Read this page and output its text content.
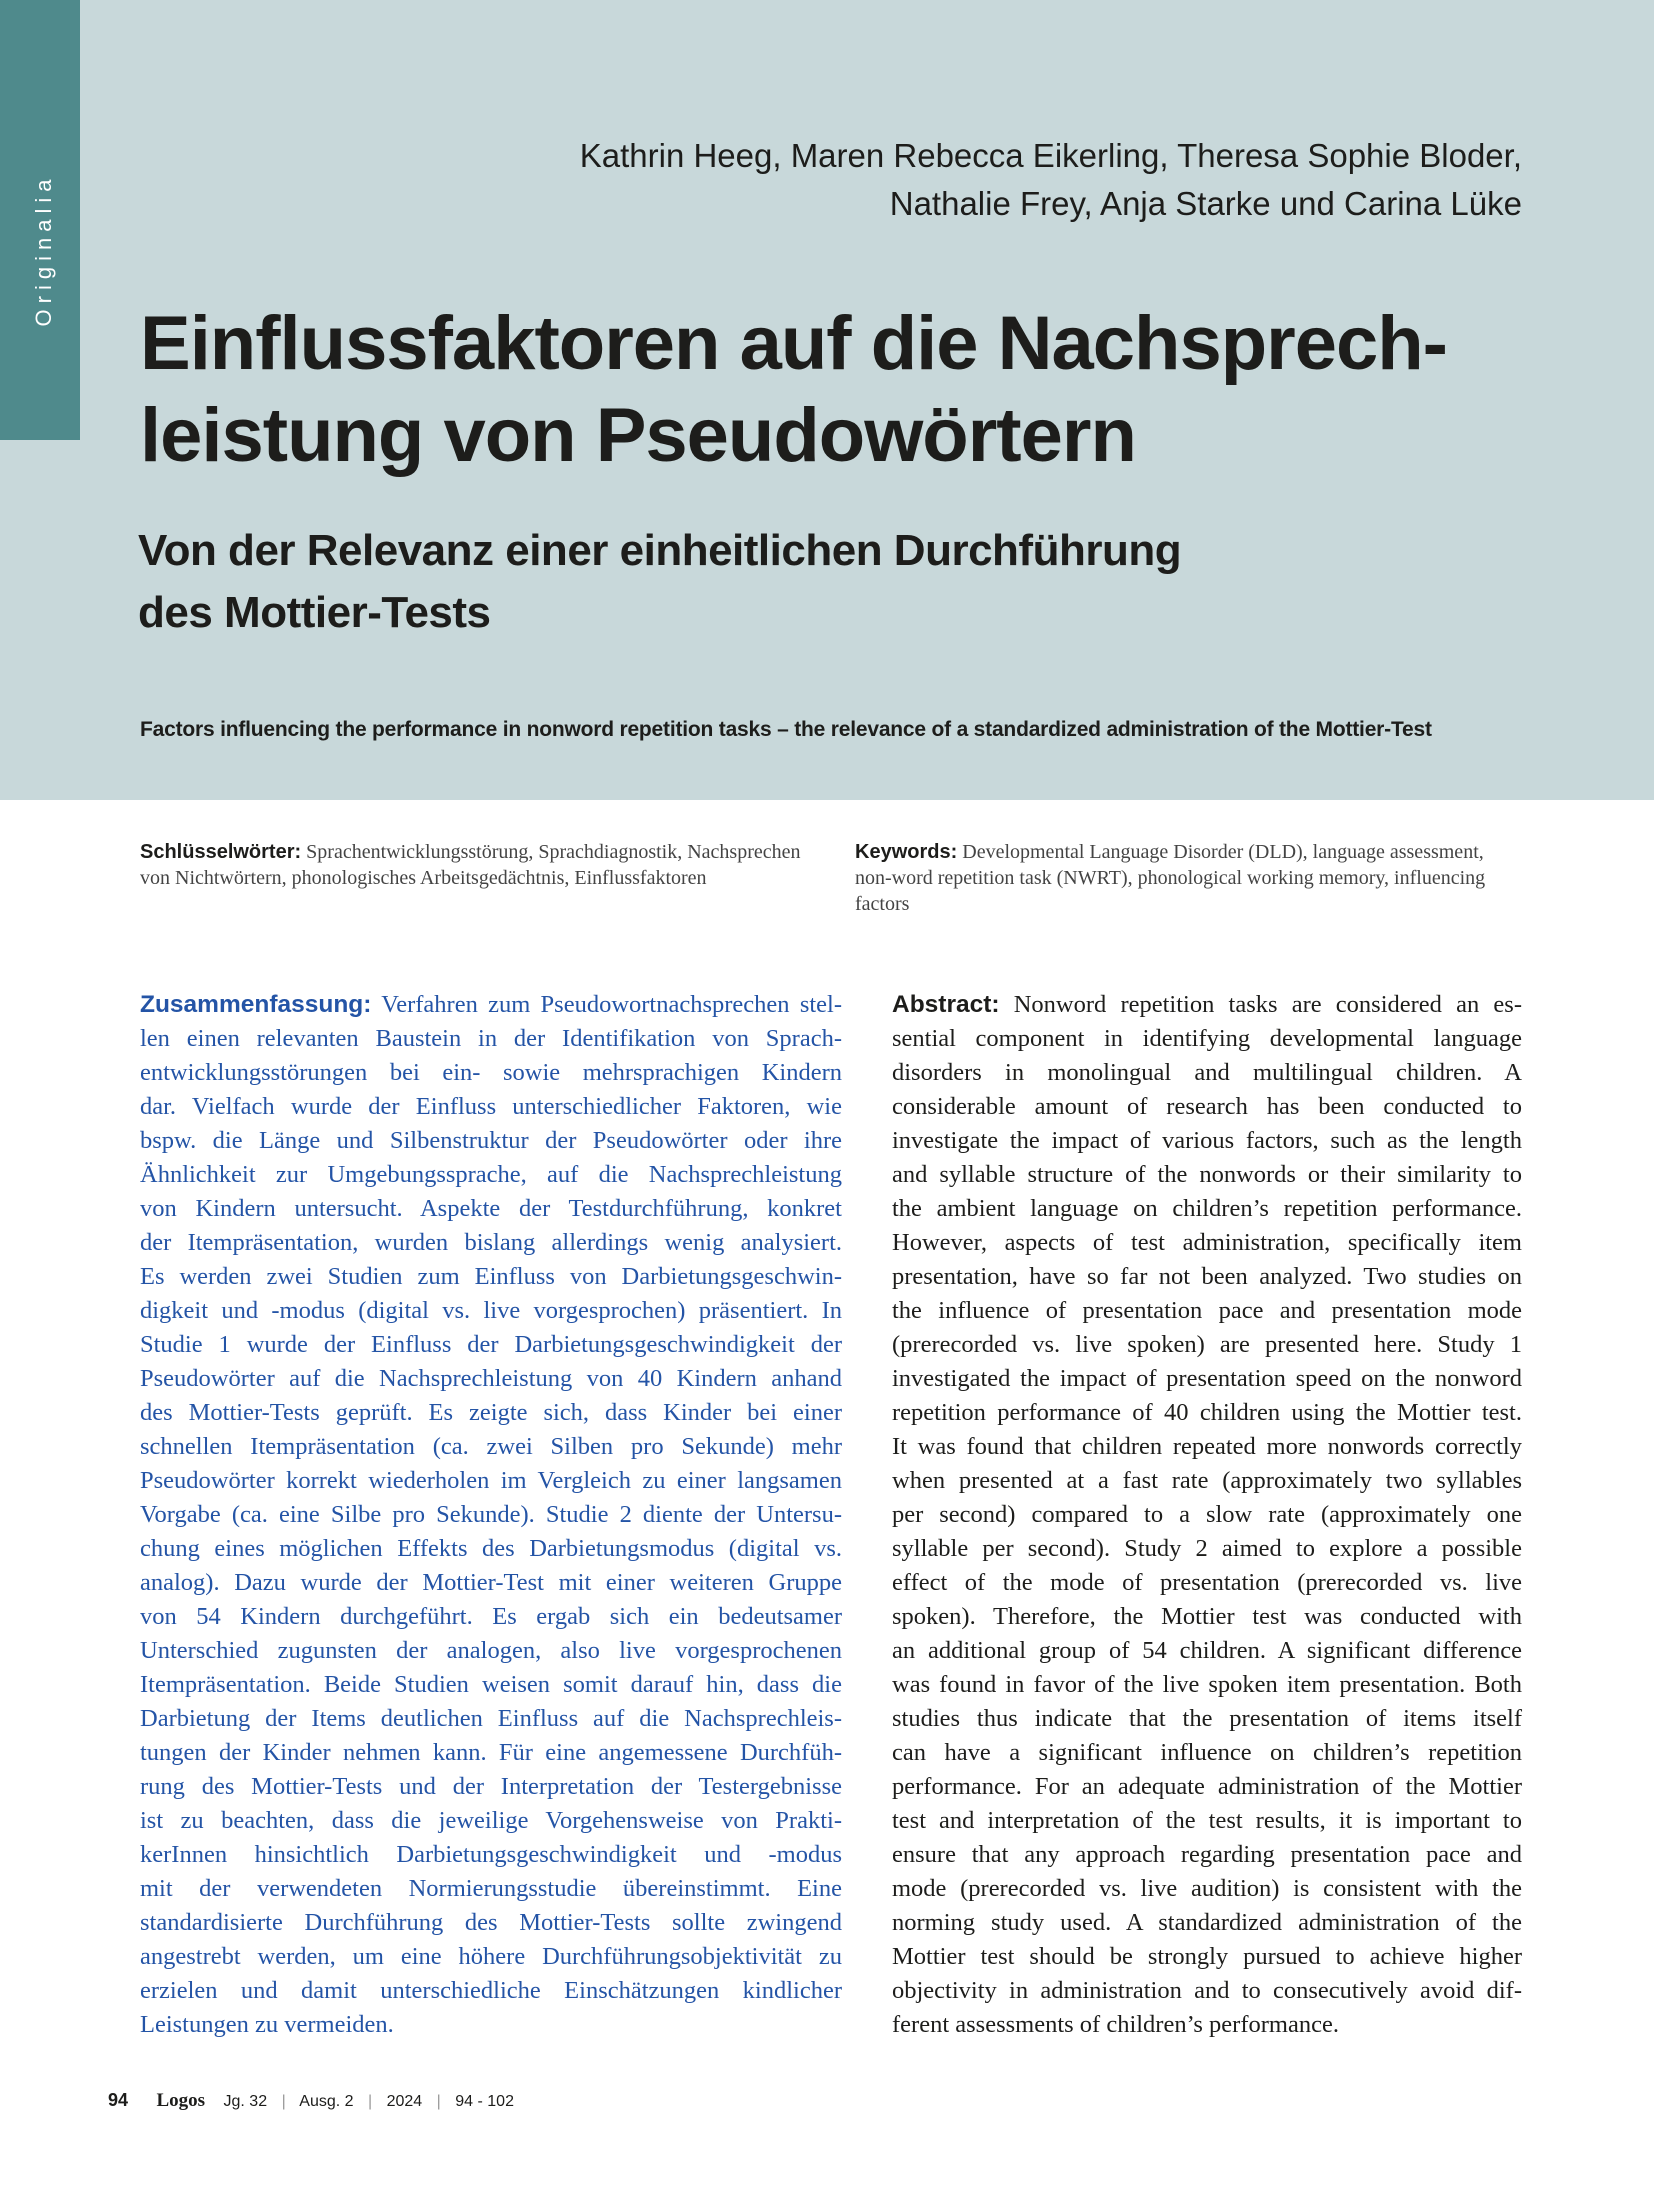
Originalia
Kathrin Heeg, Maren Rebecca Eikerling, Theresa Sophie Bloder,
Nathalie Frey, Anja Starke und Carina Lüke
Einflussfaktoren auf die Nachsprech-
leistung von Pseudowörtern
Von der Relevanz einer einheitlichen Durchführung
des Mottier-Tests
Factors influencing the performance in nonword repetition tasks – the relevance of a standardized administration of the Mottier-Test
Schlüsselwörter: Sprachentwicklungsstörung, Sprachdiagnostik, Nachsprechen von Nichtwörtern, phonologisches Arbeitsgedächtnis, Einflussfaktoren
Keywords: Developmental Language Disorder (DLD), language assessment, non-word repetition task (NWRT), phonological working memory, influencing factors
Zusammenfassung: Verfahren zum Pseudowortnachsprechen stel-
len einen relevanten Baustein in der Identifikation von Sprach-
entwicklungsstörungen bei ein- sowie mehrsprachigen Kindern
dar. Vielfach wurde der Einfluss unterschiedlicher Faktoren, wie
bspw. die Länge und Silbenstruktur der Pseudowörter oder ihre
Ähnlichkeit zur Umgebungssprache, auf die Nachsprechleistung
von Kindern untersucht. Aspekte der Testdurchführung, konkret
der Itempräsentation, wurden bislang allerdings wenig analysiert.
Es werden zwei Studien zum Einfluss von Darbietungsgeschwin-
digkeit und -modus (digital vs. live vorgesprochen) präsentiert. In
Studie 1 wurde der Einfluss der Darbietungsgeschwindigkeit der
Pseudowörter auf die Nachsprechleistung von 40 Kindern anhand
des Mottier-Tests geprüft. Es zeigte sich, dass Kinder bei einer
schnellen Itempräsentation (ca. zwei Silben pro Sekunde) mehr
Pseudowörter korrekt wiederholen im Vergleich zu einer langsamen
Vorgabe (ca. eine Silbe pro Sekunde). Studie 2 diente der Untersu-
chung eines möglichen Effekts des Darbietungsmodus (digital vs.
analog). Dazu wurde der Mottier-Test mit einer weiteren Gruppe
von 54 Kindern durchgeführt. Es ergab sich ein bedeutsamer
Unterschied zugunsten der analogen, also live vorgesprochenen
Itempräsentation. Beide Studien weisen somit darauf hin, dass die
Darbietung der Items deutlichen Einfluss auf die Nachsprechleis-
tungen der Kinder nehmen kann. Für eine angemessene Durchfüh-
rung des Mottier-Tests und der Interpretation der Testergebnisse
ist zu beachten, dass die jeweilige Vorgehensweise von Prakti-
kerInnen hinsichtlich Darbietungsgeschwindigkeit und -modus
mit der verwendeten Normierungsstudie übereinstimmt. Eine
standardisierte Durchführung des Mottier-Tests sollte zwingend
angestrebt werden, um eine höhere Durchführungsobjektivität zu
erzielen und damit unterschiedliche Einschätzungen kindlicher
Leistungen zu vermeiden.
Abstract: Nonword repetition tasks are considered an es-
sential component in identifying developmental language
disorders in monolingual and multilingual children. A
considerable amount of research has been conducted to
investigate the impact of various factors, such as the length
and syllable structure of the nonwords or their similarity to
the ambient language on children’s repetition performance.
However, aspects of test administration, specifically item
presentation, have so far not been analyzed. Two studies on
the influence of presentation pace and presentation mode
(prerecorded vs. live spoken) are presented here. Study 1
investigated the impact of presentation speed on the nonword
repetition performance of 40 children using the Mottier test.
It was found that children repeated more nonwords correctly
when presented at a fast rate (approximately two syllables
per second) compared to a slow rate (approximately one
syllable per second). Study 2 aimed to explore a possible
effect of the mode of presentation (prerecorded vs. live
spoken). Therefore, the Mottier test was conducted with
an additional group of 54 children. A significant difference
was found in favor of the live spoken item presentation. Both
studies thus indicate that the presentation of items itself
can have a significant influence on children’s repetition
performance. For an adequate administration of the Mottier
test and interpretation of the test results, it is important to
ensure that any approach regarding presentation pace and
mode (prerecorded vs. live audition) is consistent with the
norming study used. A standardized administration of the
Mottier test should be strongly pursued to achieve higher
objectivity in administration and to consecutively avoid dif-
ferent assessments of children’s performance.
94 Logos Jg. 32 | Ausg. 2 | 2024 | 94 - 102
